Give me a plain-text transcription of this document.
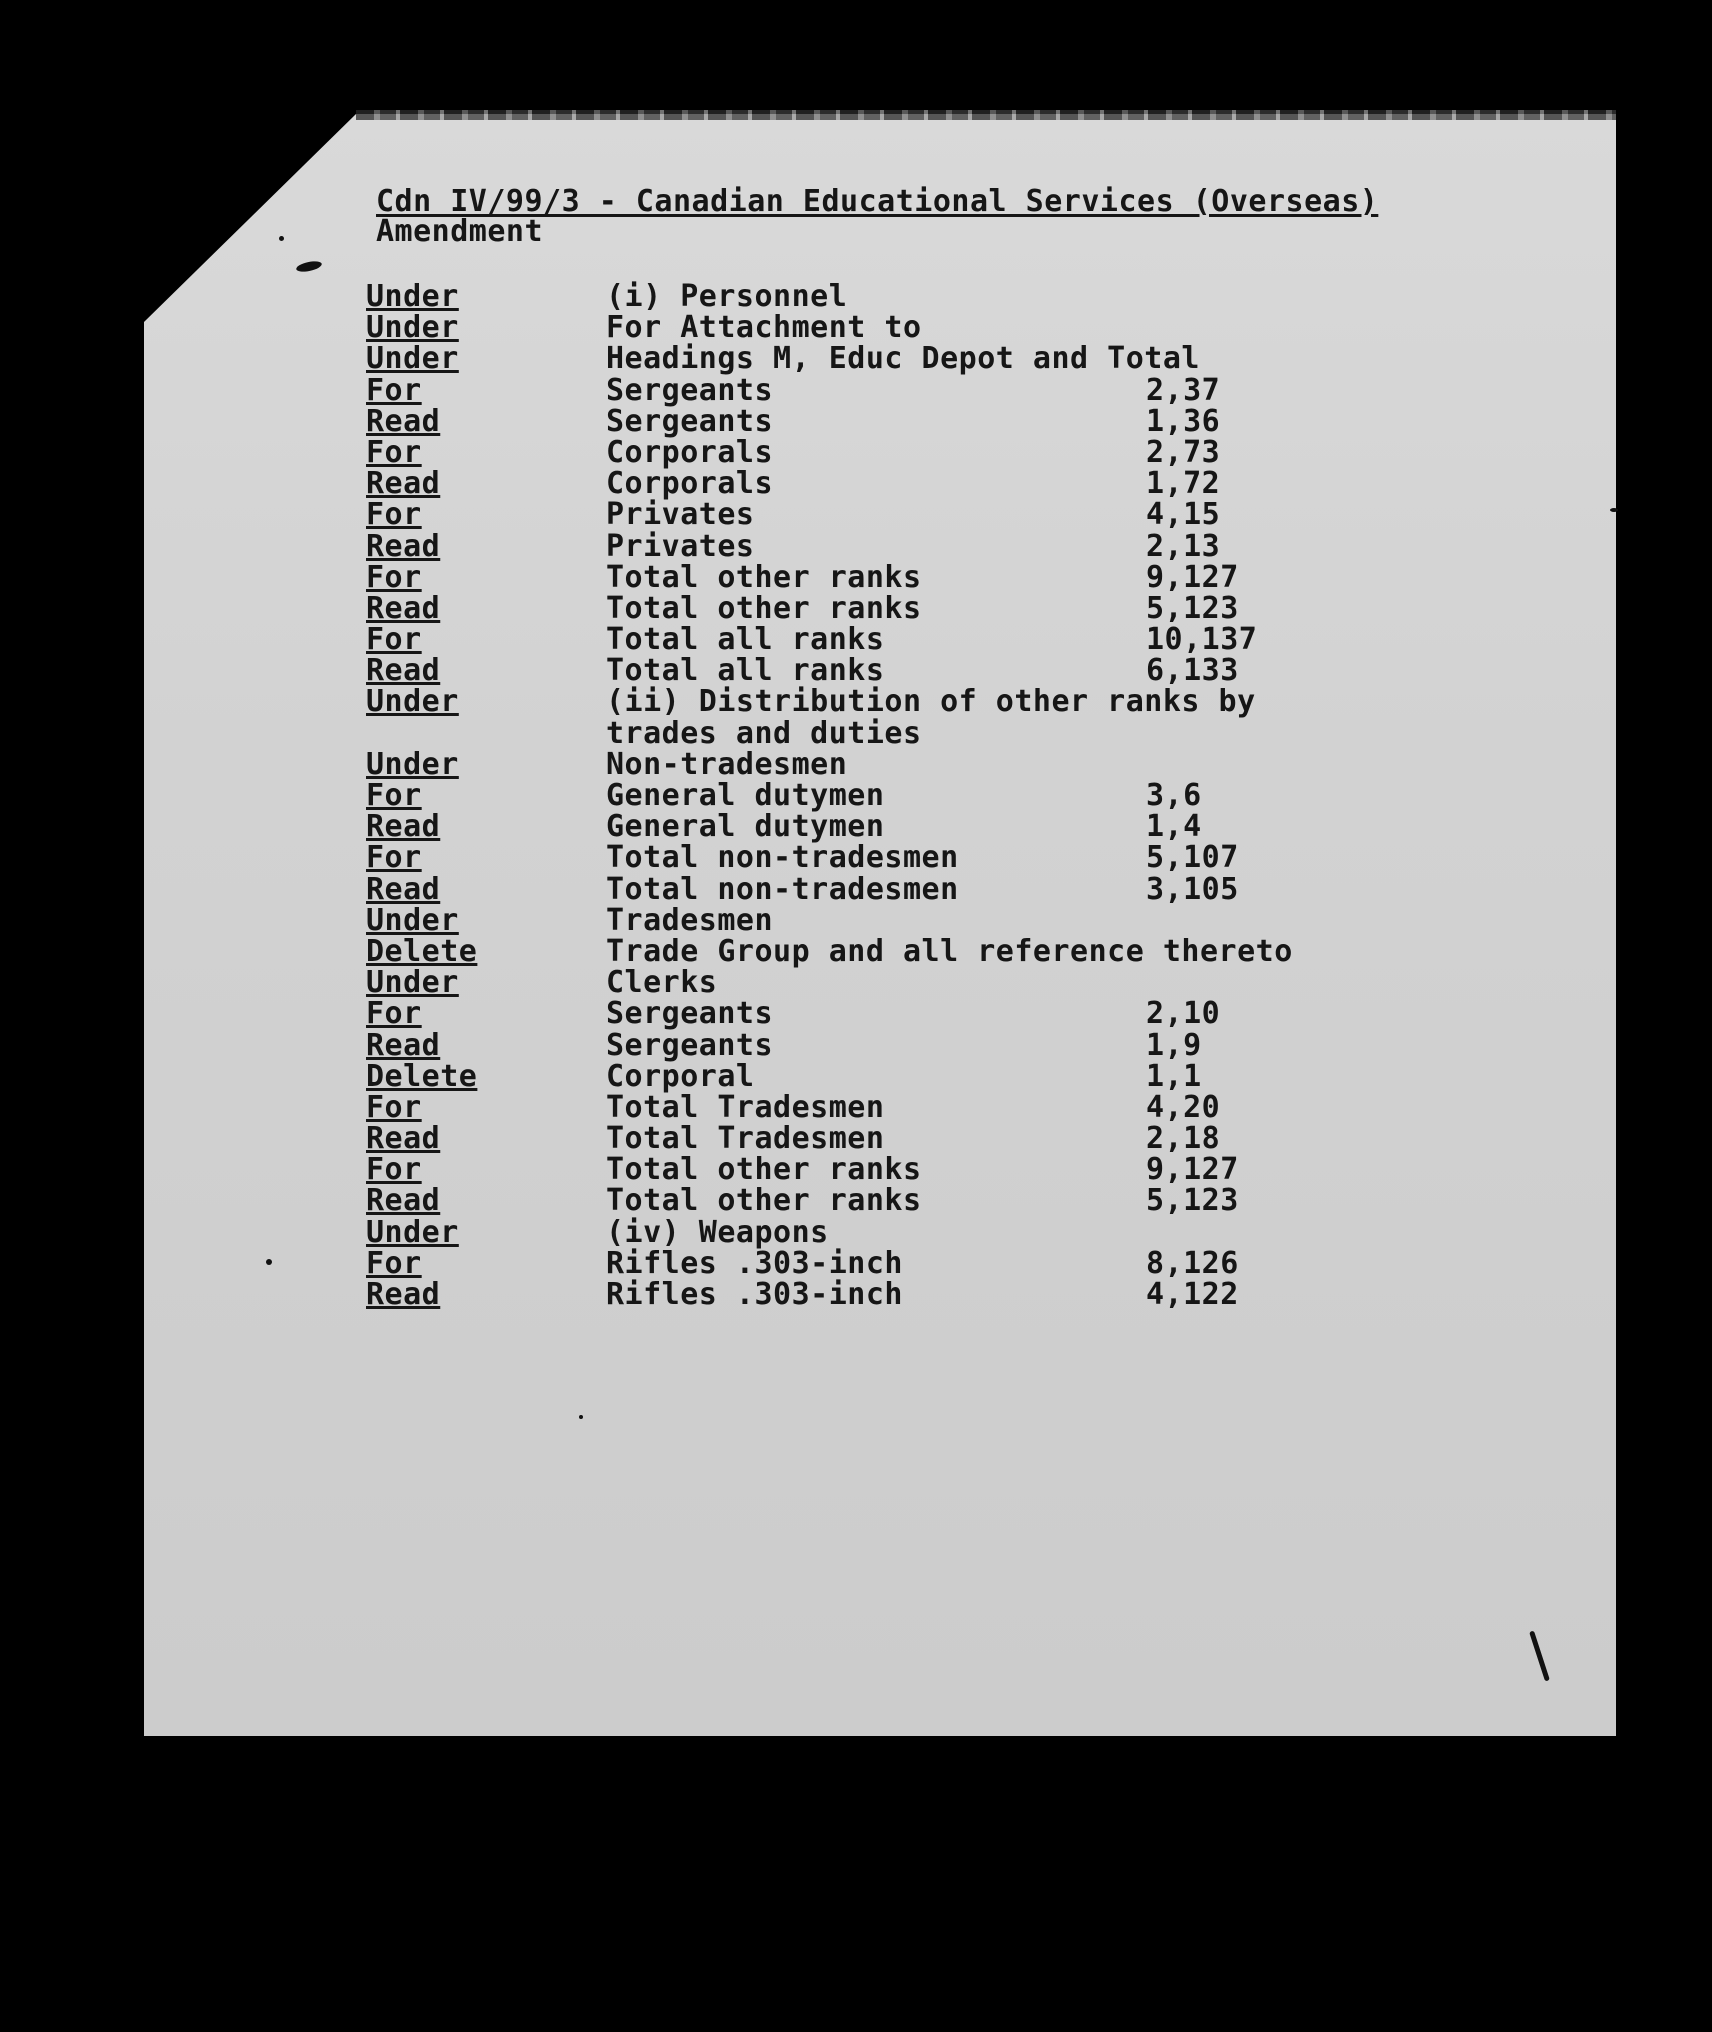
Cdn IV/99/3 - Canadian Educational Services (Overseas)
Amendment
Under	(i) Personnel
Under	For Attachment to
Under	Headings M, Educ Depot and Total
For	Sergeants	2,37
Read	Sergeants	1,36
For	Corporals	2,73
Read	Corporals	1,72
For	Privates	4,15
Read	Privates	2,13
For	Total other ranks	9,127
Read	Total other ranks	5,123
For	Total all ranks	10,137
Read	Total all ranks	6,133
Under	(ii) Distribution of other ranks by
trades and duties
Under	Non-tradesmen
For	General dutymen	3,6
Read	General dutymen	1,4
For	Total non-tradesmen	5,107
Read	Total non-tradesmen	3,105
Under	Tradesmen
Delete	Trade Group and all reference thereto
Under	Clerks
For	Sergeants	2,10
Read	Sergeants	1,9
Delete	Corporal	1,1
For	Total Tradesmen	4,20
Read	Total Tradesmen	2,18
For	Total other ranks	9,127
Read	Total other ranks	5,123
Under	(iv) Weapons
For	Rifles .303-inch	8,126
Read	Rifles .303-inch	4,122
